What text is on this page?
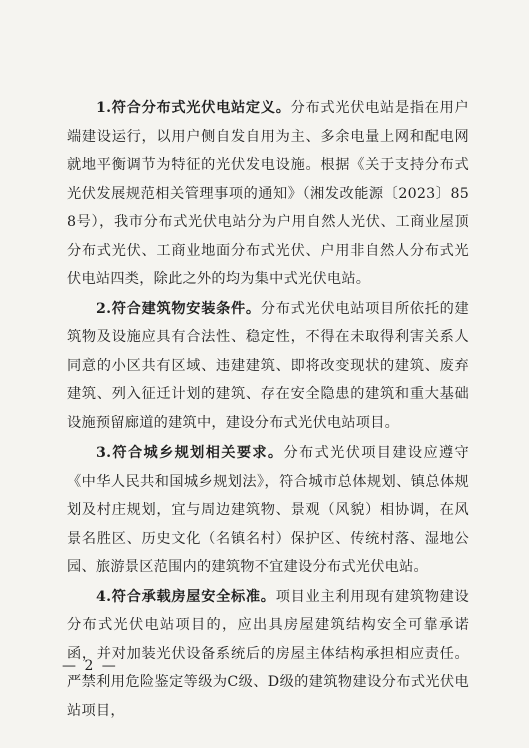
1.符合分布式光伏电站定义。分布式光伏电站是指在用户端建设运行，以用户侧自发自用为主、多余电量上网和配电网就地平衡调节为特征的光伏发电设施。根据《关于支持分布式光伏发展规范相关管理事项的通知》（湘发改能源〔2023〕858号），我市分布式光伏电站分为户用自然人光伏、工商业屋顶分布式光伏、工商业地面分布式光伏、户用非自然人分布式光伏电站四类，除此之外的均为集中式光伏电站。

2.符合建筑物安装条件。分布式光伏电站项目所依托的建筑物及设施应具有合法性、稳定性，不得在未取得利害关系人同意的小区共有区域、违建建筑、即将改变现状的建筑、废弃建筑、列入征迁计划的建筑、存在安全隐患的建筑和重大基础设施预留廊道的建筑中，建设分布式光伏电站项目。

3.符合城乡规划相关要求。分布式光伏项目建设应遵守《中华人民共和国城乡规划法》，符合城市总体规划、镇总体规划及村庄规划，宜与周边建筑物、景观（风貌）相协调，在风景名胜区、历史文化（名镇名村）保护区、传统村落、湿地公园、旅游景区范围内的建筑物不宜建设分布式光伏电站。

4.符合承载房屋安全标准。项目业主利用现有建筑物建设分布式光伏电站项目的，应出具房屋建筑结构安全可靠承诺函，并对加装光伏设备系统后的房屋主体结构承担相应责任。严禁利用危险鉴定等级为C级、D级的建筑物建设分布式光伏电站项目，

— 2 —
